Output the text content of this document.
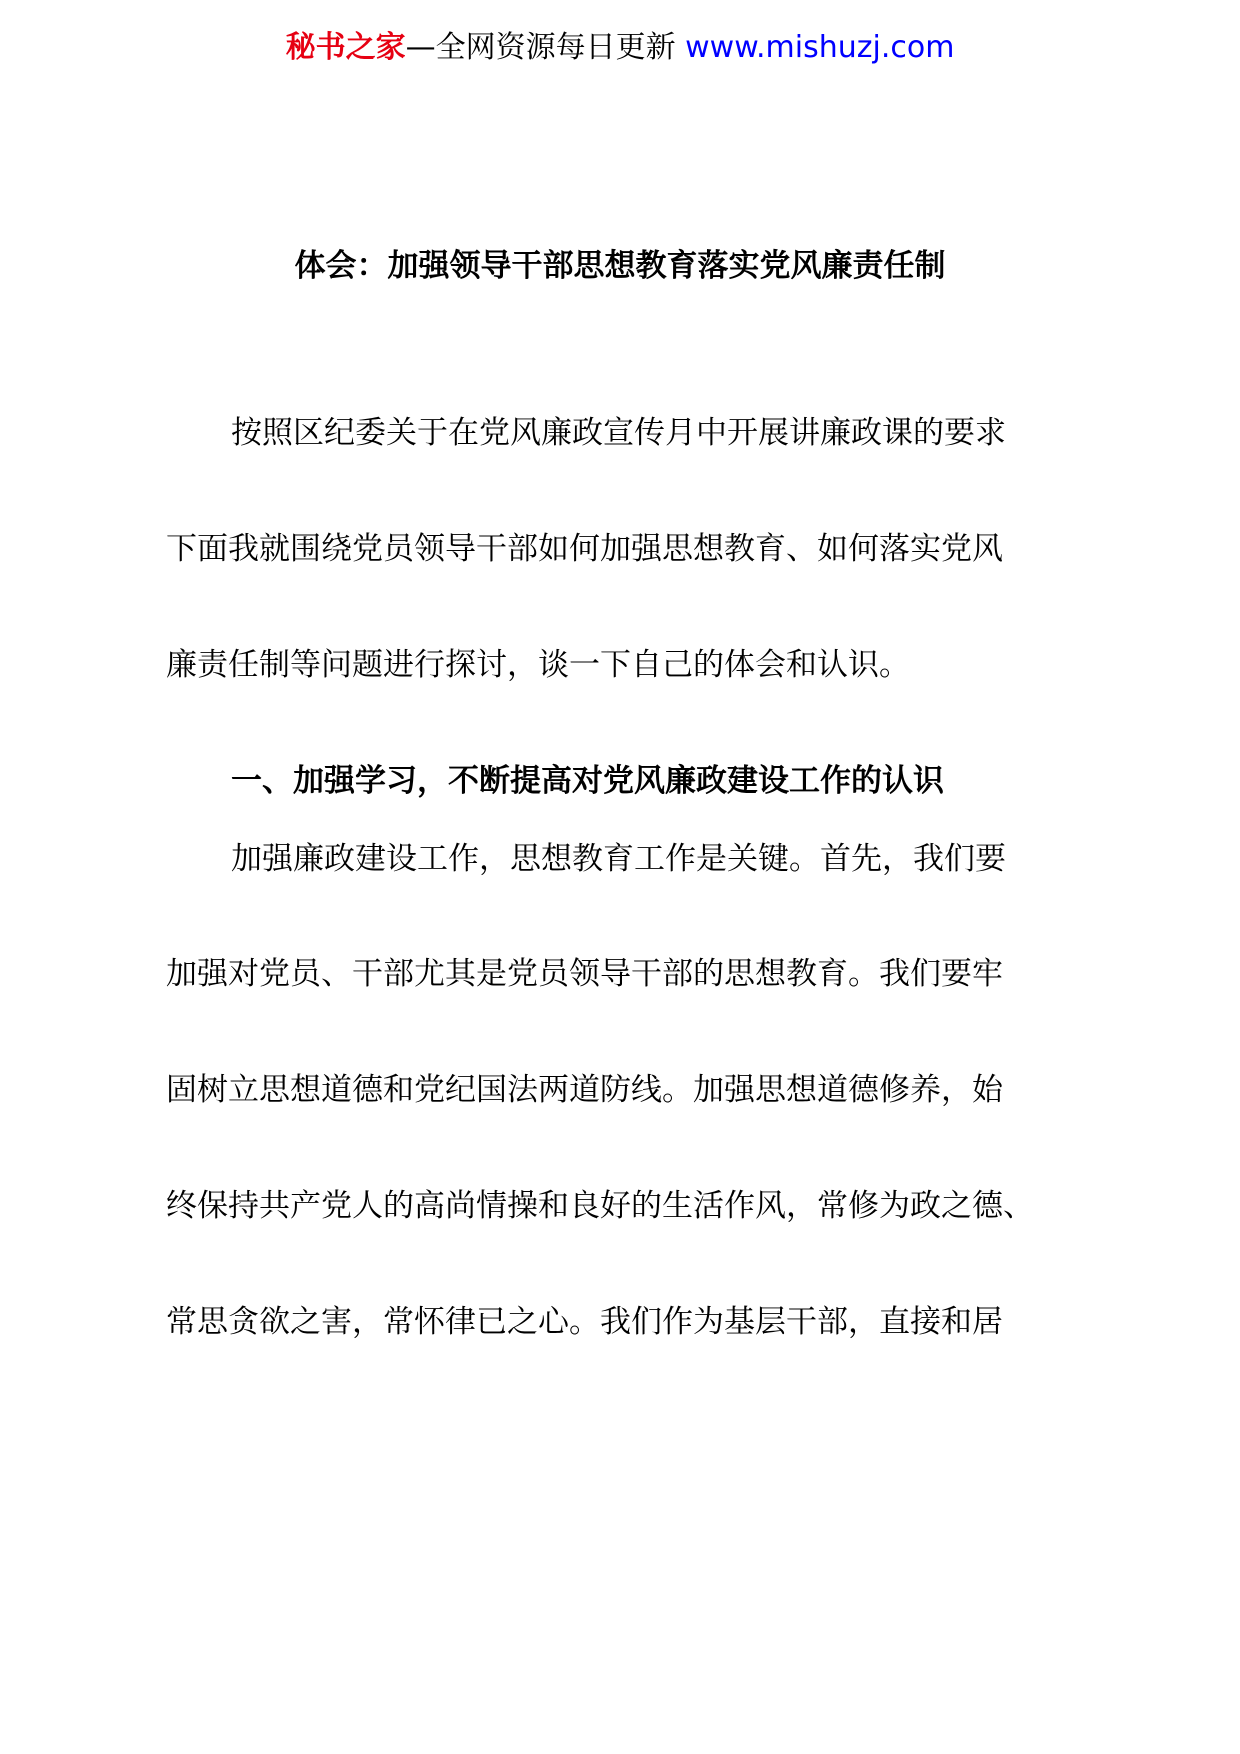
秘书之家—全网资源每日更新 www.mishuzj.com
体会：加强领导干部思想教育落实党风廉责任制
按照区纪委关于在党风廉政宣传月中开展讲廉政课的要求
下面我就围绕党员领导干部如何加强思想教育、如何落实党风
廉责任制等问题进行探讨，谈一下自己的体会和认识。
一、加强学习，不断提高对党风廉政建设工作的认识
加强廉政建设工作，思想教育工作是关键。首先，我们要
加强对党员、干部尤其是党员领导干部的思想教育。我们要牢
固树立思想道德和党纪国法两道防线。加强思想道德修养，始
终保持共产党人的高尚情操和良好的生活作风，常修为政之德、
常思贪欲之害，常怀律已之心。我们作为基层干部，直接和居
